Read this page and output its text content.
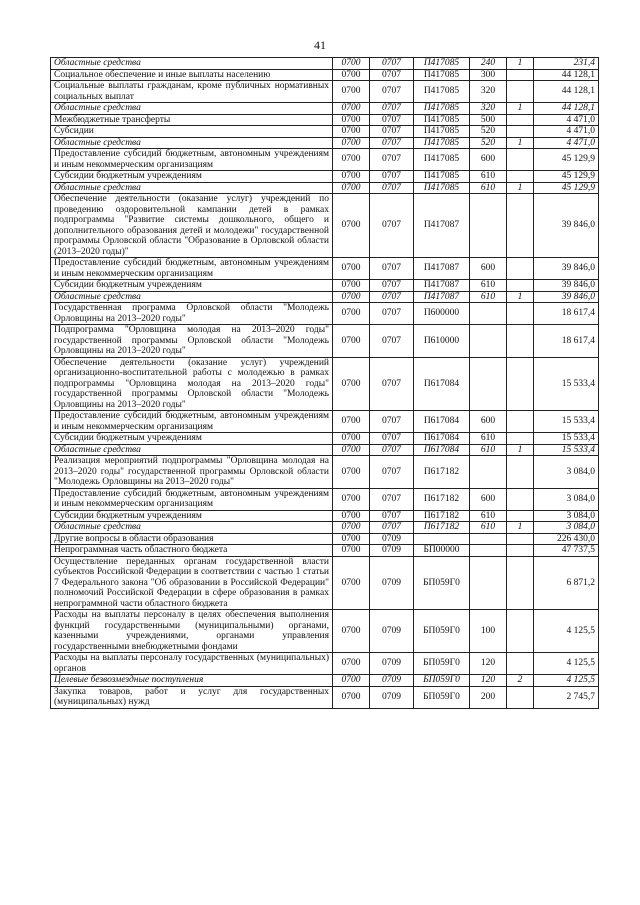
41
Областные средства	0700	0707	П417085	240	1	231,4
Социальное обеспечение и иные выплаты населению	0700	0707	П417085	300		44 128,1
Социальные выплаты гражданам, кроме публичных нормативных социальных выплат	0700	0707	П417085	320		44 128,1
Областные средства	0700	0707	П417085	320	1	44 128,1
Межбюджетные трансферты	0700	0707	П417085	500		4 471,0
Субсидии	0700	0707	П417085	520		4 471,0
Областные средства	0700	0707	П417085	520	1	4 471,0
Предоставление субсидий бюджетным, автономным учреждениям и иным некоммерческим организациям	0700	0707	П417085	600		45 129,9
Субсидии бюджетным учреждениям	0700	0707	П417085	610		45 129,9
Областные средства	0700	0707	П417085	610	1	45 129,9
Обеспечение деятельности (оказание услуг) учреждений по проведению оздоровительной кампании детей в рамках подпрограммы "Развитие системы дошкольного, общего и дополнительного образования детей и молодежи" государственной программы Орловской области "Образование в Орловской области (2013–2020 годы)"	0700	0707	П417087			39 846,0
Предоставление субсидий бюджетным, автономным учреждениям и иным некоммерческим организациям	0700	0707	П417087	600		39 846,0
Субсидии бюджетным учреждениям	0700	0707	П417087	610		39 846,0
Областные средства	0700	0707	П417087	610	1	39 846,0
Государственная программа Орловской области "Молодежь Орловщины на 2013–2020 годы"	0700	0707	П600000			18 617,4
Подпрограмма "Орловщина молодая на 2013–2020 годы" государственной программы Орловской области "Молодежь Орловщины на 2013–2020 годы"	0700	0707	П610000			18 617,4
Обеспечение деятельности (оказание услуг) учреждений организационно-воспитательной работы с молодежью в рамках подпрограммы "Орловщина молодая на 2013–2020 годы" государственной программы Орловской области "Молодежь Орловщины на 2013–2020 годы"	0700	0707	П617084			15 533,4
Предоставление субсидий бюджетным, автономным учреждениям и иным некоммерческим организациям	0700	0707	П617084	600		15 533,4
Субсидии бюджетным учреждениям	0700	0707	П617084	610		15 533,4
Областные средства	0700	0707	П617084	610	1	15 533,4
Реализация мероприятий подпрограммы "Орловщина молодая на 2013–2020 годы" государственной программы Орловской области "Молодежь Орловщины на 2013–2020 годы"	0700	0707	П617182			3 084,0
Предоставление субсидий бюджетным, автономным учреждениям и иным некоммерческим организациям	0700	0707	П617182	600		3 084,0
Субсидии бюджетным учреждениям	0700	0707	П617182	610		3 084,0
Областные средства	0700	0707	П617182	610	1	3 084,0
Другие вопросы в области образования	0700	0709				226 430,0
Непрограммная часть областного бюджета	0700	0709	БП00000			47 737,5
Осуществление переданных органам государственной власти субъектов Российской Федерации в соответствии с частью 1 статьи 7 Федерального закона "Об образовании в Российской Федерации" полномочий Российской Федерации в сфере образования в рамках непрограммной части областного бюджета	0700	0709	БП059Г0			6 871,2
Расходы на выплаты персоналу в целях обеспечения выполнения функций государственными (муниципальными) органами, казенными учреждениями, органами управления государственными внебюджетными фондами	0700	0709	БП059Г0	100		4 125,5
Расходы на выплаты персоналу государственных (муниципальных) органов	0700	0709	БП059Г0	120		4 125,5
Целевые безвозмездные поступления	0700	0709	БП059Г0	120	2	4 125,5
Закупка товаров, работ и услуг для государственных (муниципальных) нужд	0700	0709	БП059Г0	200		2 745,7
